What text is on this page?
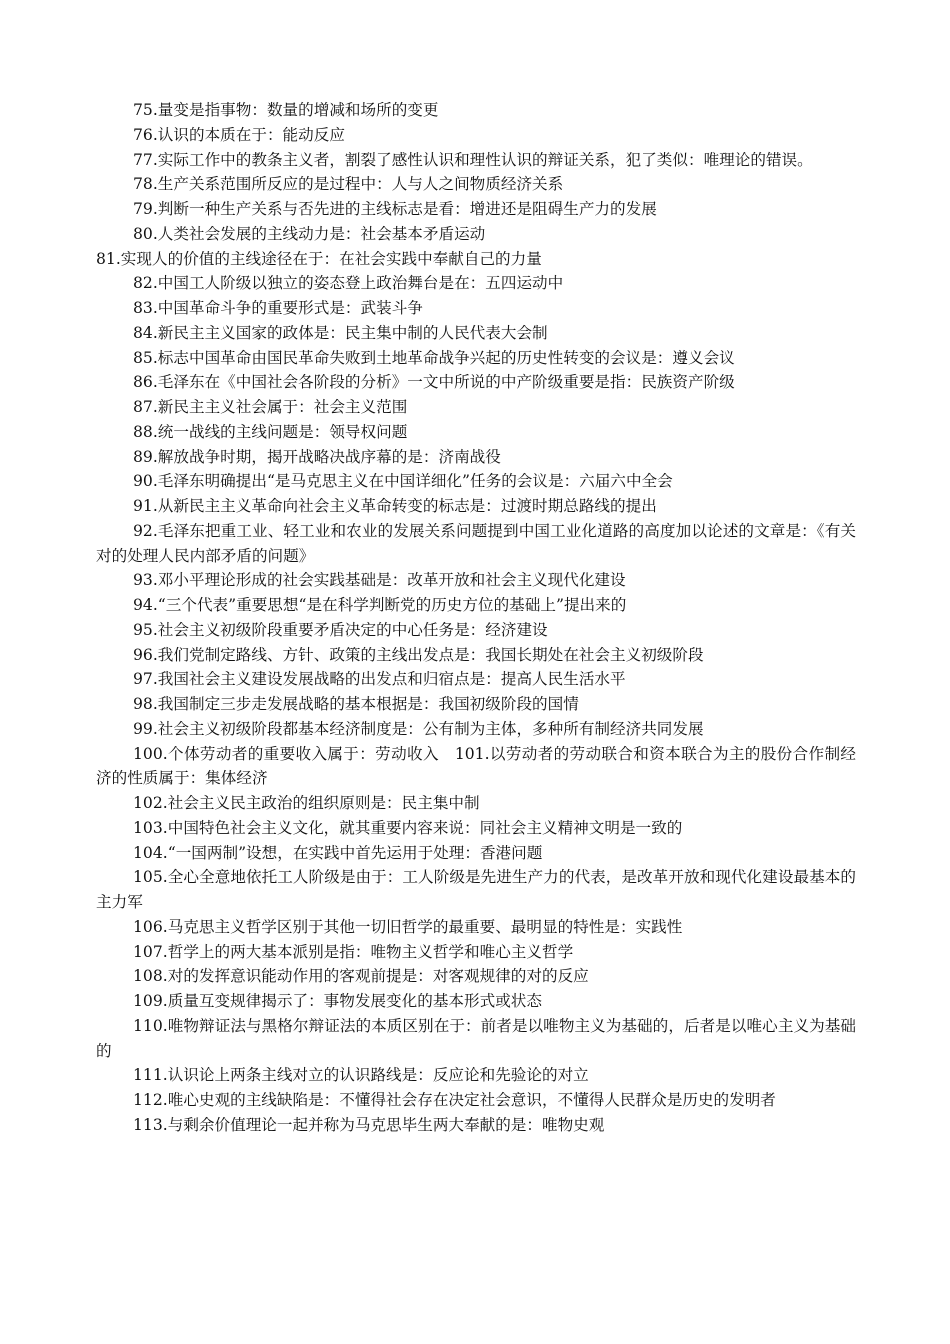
75.量变是指事物：数量的增减和场所的变更

76.认识的本质在于：能动反应

77.实际工作中的教条主义者，割裂了感性认识和理性认识的辩证关系，犯了类似：唯理论的错误。

78.生产关系范围所反应的是过程中：人与人之间物质经济关系

79.判断一种生产关系与否先进的主线标志是看：增进还是阻碍生产力的发展

80.人类社会发展的主线动力是：社会基本矛盾运动

81.实现人的价值的主线途径在于：在社会实践中奉献自己的力量

82.中国工人阶级以独立的姿态登上政治舞台是在：五四运动中

83.中国革命斗争的重要形式是：武装斗争

84.新民主主义国家的政体是：民主集中制的人民代表大会制

85.标志中国革命由国民革命失败到土地革命战争兴起的历史性转变的会议是：遵义会议

86.毛泽东在《中国社会各阶段的分析》一文中所说的中产阶级重要是指：民族资产阶级

87.新民主主义社会属于：社会主义范围

88.统一战线的主线问题是：领导权问题

89.解放战争时期，揭开战略决战序幕的是：济南战役

90.毛泽东明确提出“是马克思主义在中国详细化”任务的会议是：六届六中全会

91.从新民主主义革命向社会主义革命转变的标志是：过渡时期总路线的提出

92.毛泽东把重工业、轻工业和农业的发展关系问题提到中国工业化道路的高度加以论述的文章是：《有关对的处理人民内部矛盾的问题》

93.邓小平理论形成的社会实践基础是：改革开放和社会主义现代化建设

94.“三个代表”重要思想“是在科学判断党的历史方位的基础上”提出来的

95.社会主义初级阶段重要矛盾决定的中心任务是：经济建设

96.我们党制定路线、方针、政策的主线出发点是：我国长期处在社会主义初级阶段

97.我国社会主义建设发展战略的出发点和归宿点是：提高人民生活水平

98.我国制定三步走发展战略的基本根据是：我国初级阶段的国情

99.社会主义初级阶段都基本经济制度是：公有制为主体，多种所有制经济共同发展

100.个体劳动者的重要收入属于：劳动收入　101.以劳动者的劳动联合和资本联合为主的股份合作制经济的性质属于：集体经济

102.社会主义民主政治的组织原则是：民主集中制

103.中国特色社会主义文化，就其重要内容来说：同社会主义精神文明是一致的

104.“一国两制”设想，在实践中首先运用于处理：香港问题

105.全心全意地依托工人阶级是由于：工人阶级是先进生产力的代表，是改革开放和现代化建设最基本的主力军

106.马克思主义哲学区别于其他一切旧哲学的最重要、最明显的特性是：实践性

107.哲学上的两大基本派别是指：唯物主义哲学和唯心主义哲学

108.对的发挥意识能动作用的客观前提是：对客观规律的对的反应

109.质量互变规律揭示了：事物发展变化的基本形式或状态

110.唯物辩证法与黑格尔辩证法的本质区别在于：前者是以唯物主义为基础的，后者是以唯心主义为基础的

111.认识论上两条主线对立的认识路线是：反应论和先验论的对立

112.唯心史观的主线缺陷是：不懂得社会存在决定社会意识，不懂得人民群众是历史的发明者

113.与剩余价值理论一起并称为马克思毕生两大奉献的是：唯物史观
